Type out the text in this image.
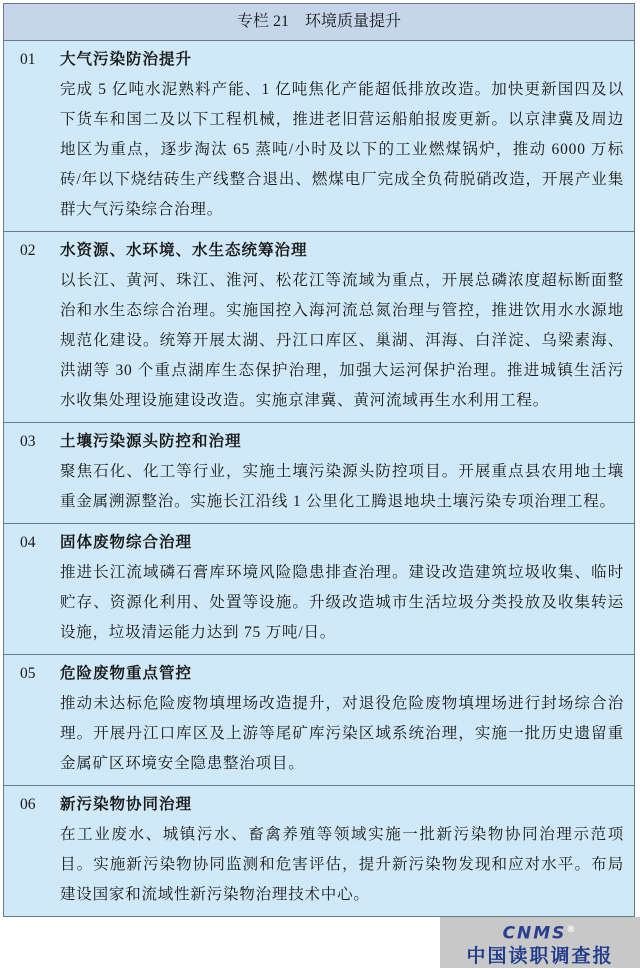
专栏 21　环境质量提升
01	大气污染防治提升
完成 5 亿吨水泥熟料产能、1 亿吨焦化产能超低排放改造。加快更新国四及以下货车和国二及以下工程机械，推进老旧营运船舶报废更新。以京津冀及周边地区为重点，逐步淘汰 65 蒸吨/小时及以下的工业燃煤锅炉，推动 6000 万标砖/年以下烧结砖生产线整合退出、燃煤电厂完成全负荷脱硝改造，开展产业集群大气污染综合治理。
02	水资源、水环境、水生态统筹治理
以长江、黄河、珠江、淮河、松花江等流域为重点，开展总磷浓度超标断面整治和水生态综合治理。实施国控入海河流总氮治理与管控，推进饮用水水源地规范化建设。统筹开展太湖、丹江口库区、巢湖、洱海、白洋淀、乌梁素海、洪湖等 30 个重点湖库生态保护治理，加强大运河保护治理。推进城镇生活污水收集处理设施建设改造。实施京津冀、黄河流域再生水利用工程。
03	土壤污染源头防控和治理
聚焦石化、化工等行业，实施土壤污染源头防控项目。开展重点县农用地土壤重金属溯源整治。实施长江沿线 1 公里化工腾退地块土壤污染专项治理工程。
04	固体废物综合治理
推进长江流域磷石膏库环境风险隐患排查治理。建设改造建筑垃圾收集、临时贮存、资源化利用、处置等设施。升级改造城市生活垃圾分类投放及收集转运设施，垃圾清运能力达到 75 万吨/日。
05	危险废物重点管控
推动未达标危险废物填埋场改造提升，对退役危险废物填埋场进行封场综合治理。开展丹江口库区及上游等尾矿库污染区域系统治理，实施一批历史遗留重金属矿区环境安全隐患整治项目。
06	新污染物协同治理
在工业废水、城镇污水、畜禽养殖等领域实施一批新污染物协同治理示范项目。实施新污染物协同监测和危害评估，提升新污染物发现和应对水平。布局建设国家和流域性新污染物治理技术中心。
CNMS®
中国读职调查报
